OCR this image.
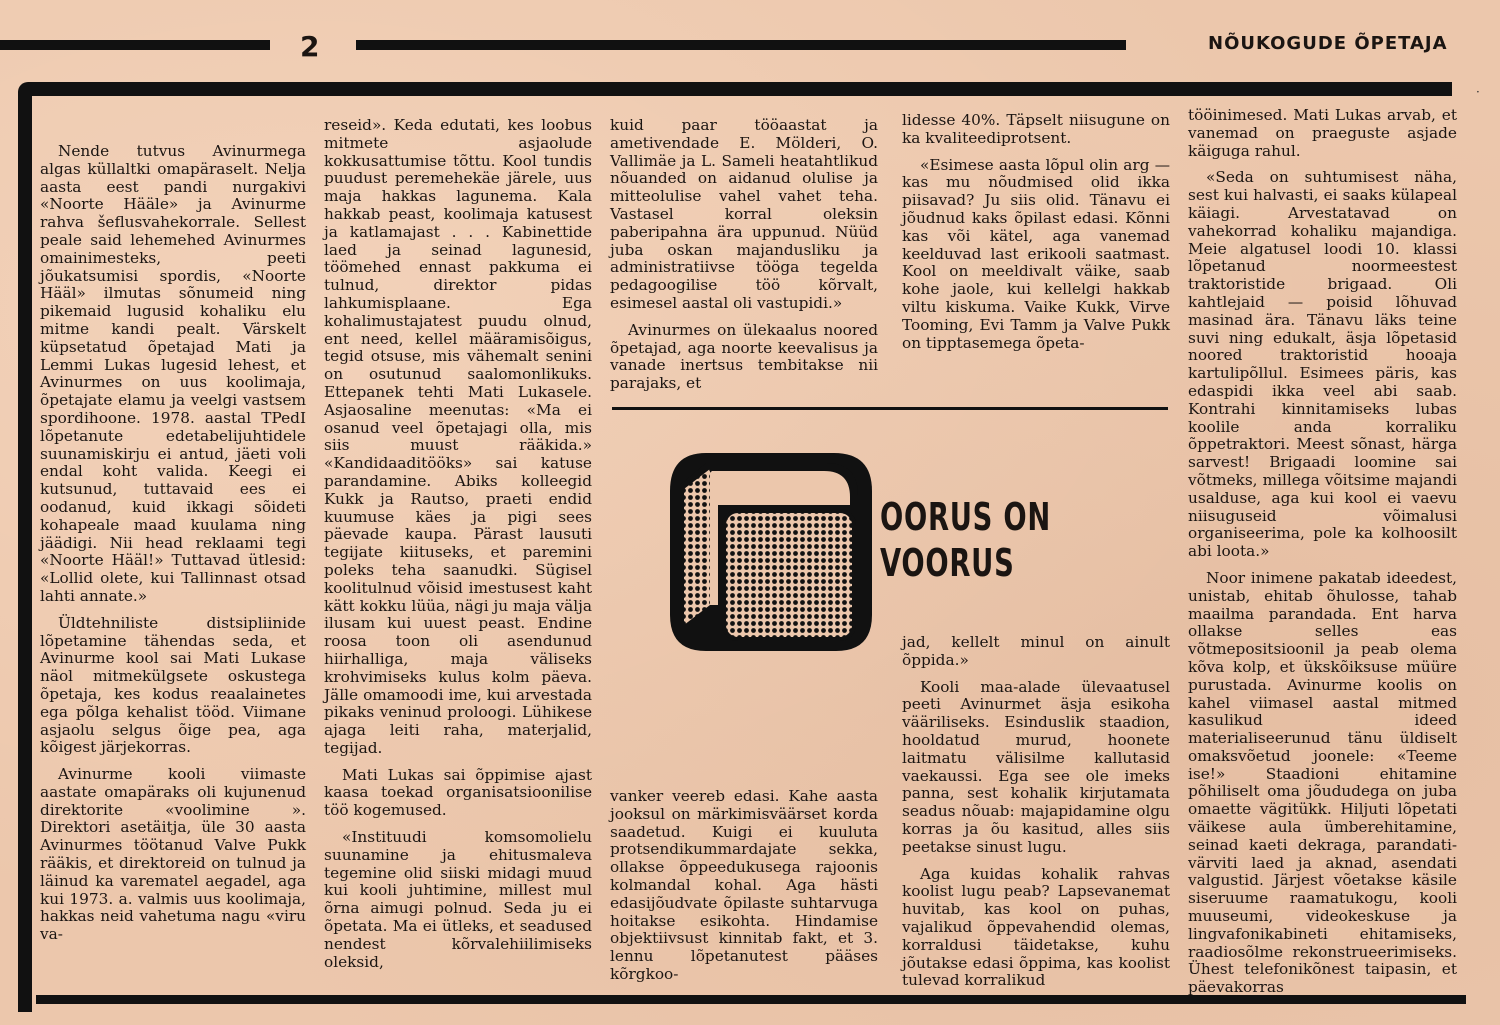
2	NÕUKOGUDE ÕPETAJA
·

Nende tutvus Avinurmega algas küllaltki omapäraselt. Nelja aasta eest pandi nurgakivi «Noorte Hääle» ja Avinurme rahva šeflusvahekorrale. Sellest peale said lehemehed Avinurmes omainimesteks, peeti jõukatsumisi spordis, «Noorte Hääl» ilmutas sõnumeid ning pikemaid lugusid kohaliku elu mitme kandi pealt. Värskelt küpsetatud õpetajad Mati ja Lemmi Lukas lugesid lehest, et Avinurmes on uus koolimaja, õpetajate elamu ja veelgi vastsem spordihoone. 1978. aastal TPedI lõpetanute edetabelijuhtidele suunamiskirju ei antud, jäeti voli endal koht valida. Keegi ei kutsunud, tuttavaid ees ei oodanud, kuid ikkagi sõideti kohapeale maad kuulama ning jäädigi. Nii head reklaami tegi «Noorte Hääl!» Tuttavad ütlesid: «Lollid olete, kui Tallinnast otsad lahti annate.»

Üldtehniliste distsipliinide lõpetamine tähendas seda, et Avinurme kool sai Mati Lukase näol mitmekülgsete oskustega õpetaja, kes kodus reaalainetes ega põlga kehalist tööd. Viimane asjaolu selgus õige pea, aga kõigest järjekorras.

Avinurme kooli viimaste aastate omapäraks oli kujunenud direktorite «voolimine ». Direktori asetäitja, üle 30 aasta Avinurmes töötanud Valve Pukk rääkis, et direktoreid on tulnud ja läinud ka varematel aegadel, aga kui 1973. a. valmis uus koolimaja, hakkas neid vahetuma nagu «viru va-

reseid». Keda edutati, kes loobus mitmete asjaolude kokkusattumise tõttu. Kool tundis puudust peremehekäe järele, uus maja hakkas lagunema. Kala hakkab peast, koolimaja katusest ja katlamajast . . . Kabinettide laed ja seinad lagunesid, töömehed ennast pakkuma ei tulnud, direktor pidas lahkumisplaane. Ega kohalimustajatest puudu olnud, ent need, kellel määramisõigus, tegid otsuse, mis vähemalt senini on osutunud saalomonlikuks. Ettepanek tehti Mati Lukasele. Asjaosaline meenutas: «Ma ei osanud veel õpetajagi olla, mis siis muust rääkida.» «Kandidaaditööks» sai katuse parandamine. Abiks kolleegid Kukk ja Rautso, praeti endid kuumuse käes ja pigi sees päevade kaupa. Pärast lausuti tegijate kiituseks, et paremini poleks teha saanudki. Sügisel koolitulnud võisid imestusest kaht kätt kokku lüüa, nägi ju maja välja ilusam kui uuest peast. Endine roosa toon oli asendunud hiirhalliga, maja väliseks krohvimiseks kulus kolm päeva. Jälle omamoodi ime, kui arvestada pikaks veninud proloogi. Lühikese ajaga leiti raha, materjalid, tegijad.

Mati Lukas sai õppimise ajast kaasa toekad organisatsioonilise töö kogemused.

«Instituudi komsomolielu suunamine ja ehitusmaleva tegemine olid siiski midagi muud kui kooli juhtimine, millest mul õrna aimugi polnud. Seda ju ei õpetata. Ma ei ütleks, et seadused nendest kõrvalehiilimiseks oleksid,

kuid paar tööaastat ja ametivendade E. Mölderi, O. Vallimäe ja L. Sameli heatahtlikud nõuanded on aidanud olulise ja mitteolulise vahel vahet teha. Vastasel korral oleksin paberipahna ära uppunud. Nüüd juba oskan majandusliku ja administratiivse tööga tegelda pedagoogilise töö kõrvalt, esimesel aastal oli vastupidi.»

Avinurmes on ülekaalus noored õpetajad, aga noorte keevalisus ja vanade inertsus tembitakse nii parajaks, et

OORUS ON
VOORUS

vanker veereb edasi. Kahe aasta jooksul on märkimisväärset korda saadetud. Kuigi ei kuuluta protsendikummardajate sekka, ollakse õppeedukusega rajoonis kolmandal kohal. Aga hästi edasijõudvate õpilaste suhtarvuga hoitakse esikohta. Hindamise objektiivsust kinnitab fakt, et 3. lennu lõpetanutest pääses kõrgkoo-

lidesse 40%. Täpselt niisugune on ka kvaliteediprotsent.

«Esimese aasta lõpul olin arg — kas mu nõudmised olid ikka piisavad? Ju siis olid. Tänavu ei jõudnud kaks õpilast edasi. Kõnni kas või kätel, aga vanemad keelduvad last erikooli saatmast. Kool on meeldivalt väike, saab kohe jaole, kui kellelgi hakkab viltu kiskuma. Vaike Kukk, Virve Tooming, Evi Tamm ja Valve Pukk on tipptasemega õpeta-

jad, kellelt minul on ainult õppida.»

Kooli maa-alade ülevaatusel peeti Avinurmet äsja esikoha vääriliseks. Esinduslik staadion, hooldatud murud, hoonete laitmatu välisilme kallutasid vaekaussi. Ega see ole imeks panna, sest kohalik kirjutamata seadus nõuab: majapidamine olgu korras ja õu kasitud, alles siis peetakse sinust lugu.

Aga kuidas kohalik rahvas koolist lugu peab? Lapsevanemat huvitab, kas kool on puhas, vajalikud õppevahendid olemas, korraldusi täidetakse, kuhu jõutakse edasi õppima, kas koolist tulevad korralikud

tööinimesed. Mati Lukas arvab, et vanemad on praeguste asjade käiguga rahul.

«Seda on suhtumisest näha, sest kui halvasti, ei saaks külapeal käiagi. Arvestatavad on vahekorrad kohaliku majandiga. Meie algatusel loodi 10. klassi lõpetanud noormeestest traktoristide brigaad. Oli kahtlejaid — poisid lõhuvad masinad ära. Tänavu läks teine suvi ning edukalt, äsja lõpetasid noored traktoristid hooaja kartulipõllul. Esimees päris, kas edaspidi ikka veel abi saab. Kontrahi kinnitamiseks lubas koolile anda korraliku õppetraktori. Meest sõnast, härga sarvest! Brigaadi loomine sai võtmeks, millega võitsime majandi usalduse, aga kui kool ei vaevu niisuguseid võimalusi organiseerima, pole ka kolhoosilt abi loota.»

Noor inimene pakatab ideedest, unistab, ehitab õhulosse, tahab maailma parandada. Ent harva ollakse selles eas võtmepositsioonil ja peab olema kõva kolp, et ükskõiksuse müüre purustada. Avinurme koolis on kahel viimasel aastal mitmed kasulikud ideed materialiseerunud tänu üldiselt omaksvõetud joonele: «Teeme ise!» Staadioni ehitamine põhiliselt oma jõududega on juba omaette vägitükk. Hiljuti lõpetati väikese aula ümberehitamine, seinad kaeti dekraga, parandati-värviti laed ja aknad, asendati valgustid. Järjest võetakse käsile siseruume raamatukogu, kooli muuseumi, videokeskuse ja lingvafonikabineti ehitamiseks, raadiosõlme rekonstrueerimiseks. Ühest telefonikõnest taipasin, et päevakorras
